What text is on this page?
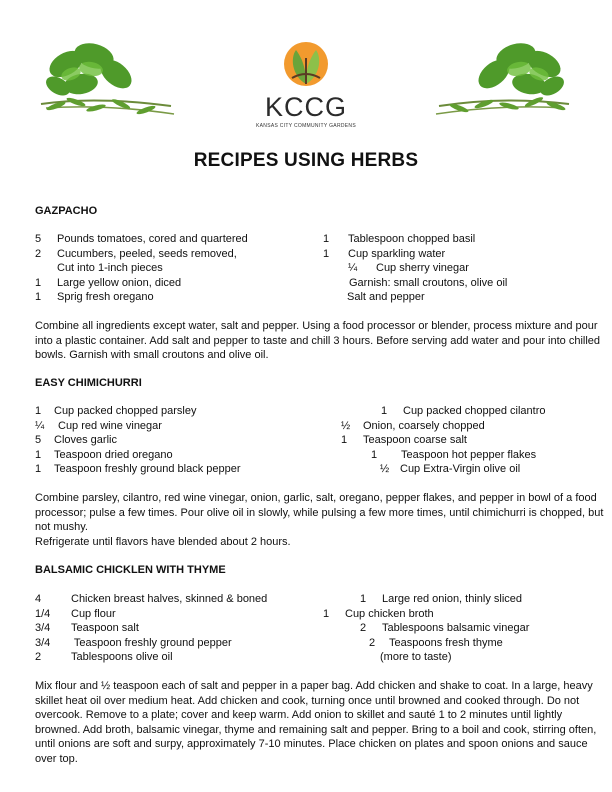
KCCG
KANSAS CITY COMMUNITY GARDENS
RECIPES USING HERBS
GAZPACHO
5 Pounds tomatoes, cored and quartered
2 Cucumbers, peeled, seeds removed,
Cut into 1-inch pieces
1 Large yellow onion, diced
1 Sprig fresh oregano
1 Tablespoon chopped basil
1 Cup sparkling water
¼ Cup sherry vinegar
Garnish: small croutons, olive oil
Salt and pepper
Combine all ingredients except water, salt and pepper. Using a food processor or blender, process mixture and pour into a plastic container. Add salt and pepper to taste and chill 3 hours. Before serving add water and pour into chilled bowls. Garnish with small croutons and olive oil.
EASY CHIMICHURRI
1 Cup packed chopped parsley
¼ Cup red wine vinegar
5 Cloves garlic
1 Teaspoon dried oregano
1 Teaspoon freshly ground black pepper
1 Cup packed chopped cilantro
½ Onion, coarsely chopped
1 Teaspoon coarse salt
1 Teaspoon hot pepper flakes
½ Cup Extra-Virgin olive oil
Combine parsley, cilantro, red wine vinegar, onion, garlic, salt, oregano, pepper flakes, and pepper in bowl of a food processor; pulse a few times. Pour olive oil in slowly, while pulsing a few more times, until chimichurri is chopped, but not mushy.
Refrigerate until flavors have blended about 2 hours.
BALSAMIC CHICKLEN WITH THYME
4	Chicken breast halves, skinned & boned
1/4 Cup flour
3/4 Teaspoon salt
3/4 Teaspoon freshly ground pepper
2	Tablespoons olive oil
1 Large red onion, thinly sliced
1 Cup chicken broth
2 Tablespoons balsamic vinegar
2 Teaspoons fresh thyme
(more to taste)
Mix flour and ½ teaspoon each of salt and pepper in a paper bag. Add chicken and shake to coat. In a large, heavy skillet heat oil over medium heat. Add chicken and cook, turning once until browned and cooked through. Do not overcook. Remove to a plate; cover and keep warm. Add onion to skillet and sauté 1 to 2 minutes until lightly browned. Add broth, balsamic vinegar, thyme and remaining salt and pepper. Bring to a boil and cook, stirring often, until onions are soft and surpy, approximately 7-10 minutes. Place chicken on plates and spoon onions and sauce over top.
